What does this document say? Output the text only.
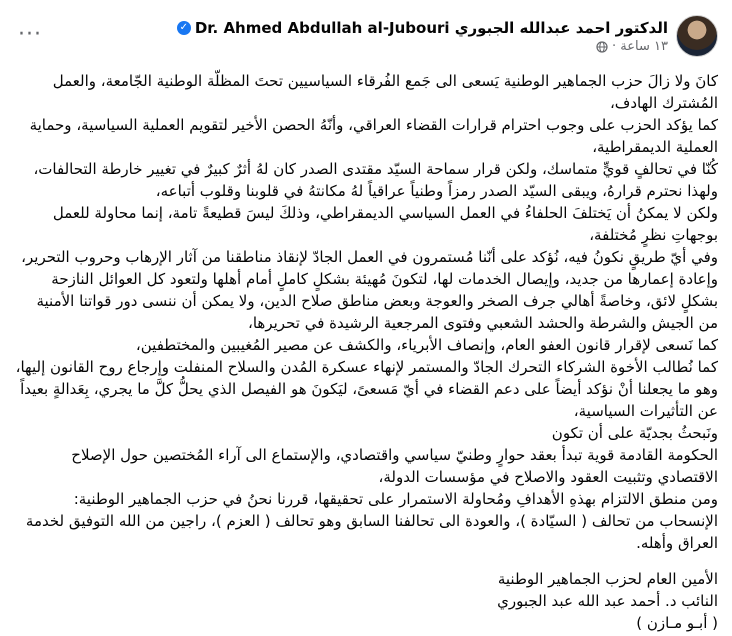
الدكتور احمد عبدالله الجبوري Dr. Ahmed Abdullah al-Jubouri
✓
١٣ ساعة ·
···

كانَ ولا زالَ حزب الجماهير الوطنية يَسعى الى جَمع الفُرقاء السياسيين تحتَ المظلّة الوطنية الجّامعة، والعمل المُشترك الهادف،

كما يؤكد الحزب على وجوب احترام قرارات القضاء العراقي، وأنّهُ الحصن الأخير لتقويم العملية السياسية، وحماية العملية الديمقراطية،

كُنّا في تحالفٍ قويٍّ متماسك، ولكن قرار سماحة السيّد مقتدى الصدر كان لهُ أثرٌ كبيرٌ في تغيير خارطة التحالفات، ولهذا نحترم قرارهُ، ويبقى السيّد الصدر رمزاً وطنياً عراقياً لهُ مكانتهُ في قلوبنا وقلوب أتباعه،

ولكن لا يمكنُ أن يَختلفَ الحلفاءُ في العمل السياسي الديمقراطي، وذلكَ ليسَ قطيعةً تامة، إنما محاولة للعمل بوجهاتِ نظرٍ مُختلفة،

وفي أيّ طريقٍ نكونُ فيه، نُؤكد على أنّنا مُستمرون في العمل الجادّ لإنقاذ مناطقنا من آثار الإرهاب وحروب التحرير، وإعادة إعمارها من جديد، وإيصال الخدمات لها، لتكونَ مُهيئة بشكلٍ كاملٍ أمام أهلها ولتعود كل العوائل النازحة بشكلٍ لائق، وخاصةً أهالي جرف الصخر والعوجة وبعض مناطق صلاح الدين، ولا يمكن أن ننسى دور قواتنا الأمنية من الجيش والشرطة والحشد الشعبي وفتوى المرجعية الرشيدة في تحريرها،

كما نَسعى لإقرار قانون العفو العام، وإنصاف الأبرياء، والكشف عن مصير المُغيبين والمختطفين،

كما نُطالب الأخوة الشركاء التحرك الجادّ والمستمر لإنهاء عسكرة المُدن والسلاح المنفلت وإرجاع روح القانون إليها، وهو ما يجعلنا أنْ نؤكد أيضاً على دعم القضاء في أيّ مَسعىً، ليَكونَ هو الفيصل الذي يحلُّ كلَّ ما يجري، بِعَدالةٍ بعيداً عن التأثيرات السياسية،

ونَبحثُ بجديّة على أن تكون

الحكومة القادمة قوية تبدأ بعقد حوارٍ وطنيّ سياسي واقتصادي، والإستماع الى آراء المُختصين حول الإصلاح الاقتصادي وتثبيت العقود والاصلاح في مؤسسات الدولة،

ومن منطق الالتزام بهذهِ الأهدافِ ومُحاولة الاستمرار على تحقيقها، قررنا نحنُ في حزب الجماهير الوطنية: الإنسحاب من تحالف ( السيّادة )، والعودة الى تحالفنا السابق وهو تحالف ( العزم )، راجين من الله التوفيق لخدمة العراق وأهله.

الأمين العام لحزب الجماهير الوطنية

النائب د. أحمد عبد الله عبد الجبوري

( أبـو مـازن )
